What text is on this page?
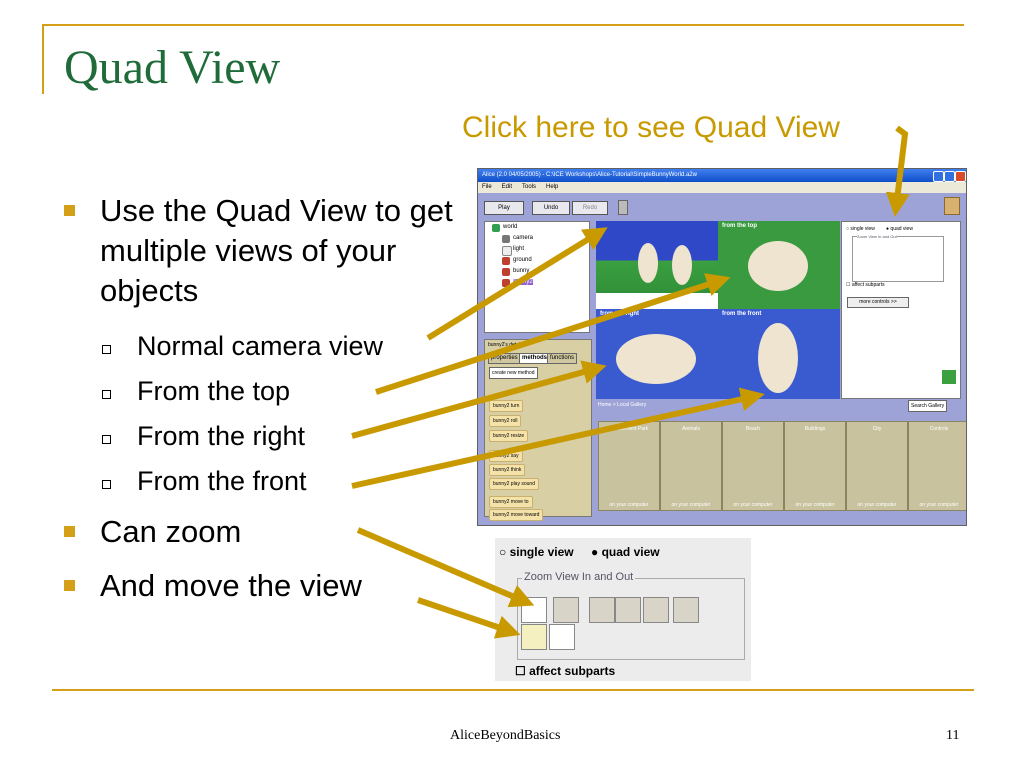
Quad View
Click here to see Quad View
Use the Quad View to get multiple views of your objects
Normal camera view
From the top
From the right
From the front
Can zoom
And move the view
Alice (2.0 04/05/2005) - C:\ICE Workshops\Alice-Tutorial\SimpleBunnyWorld.a2w
File Edit Tools Help
Play	Undo	Redo
world
camera
light
ground
bunny
bunny2
bunny2's details
properties methods functions
create new method
bunny2 turn
bunny2 roll
bunny2 resize
bunny2 say
bunny2 think
bunny2 play sound
bunny2 move to
bunny2 move toward
from the top
from the right	from the front
○ single view ● quad view
Zoom View In and Out
☐ affect subparts
more controls >>
Home > Local Gallery	Search Gallery
Amusement Park
on your computer
Animals
on your computer
Beach
on your computer
Buildings
on your computer
City
on your computer
Controls
on your computer
○ single view ● quad view
Zoom View In and Out
☐ affect subparts
AliceBeyondBasics	11
